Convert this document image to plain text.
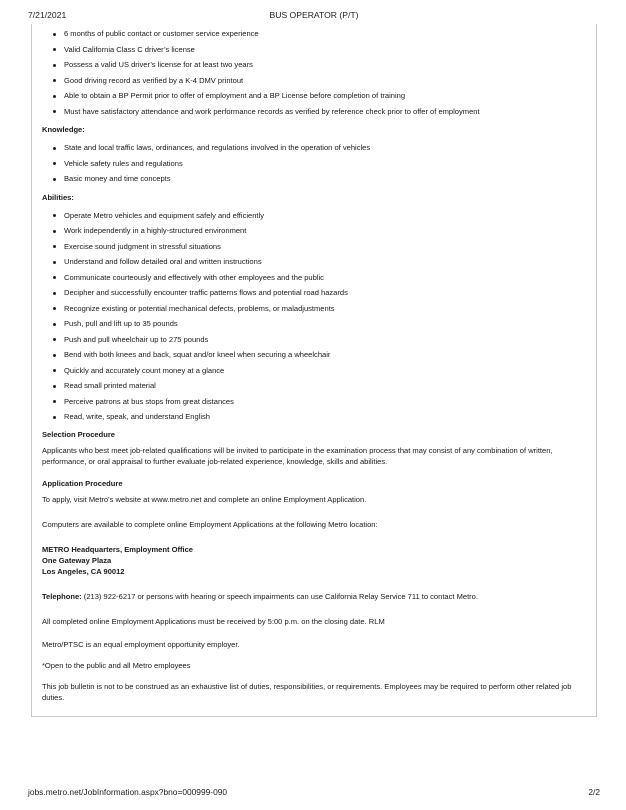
7/21/2021	BUS OPERATOR (P/T)
6 months of public contact or customer service experience
Valid California Class C driver’s license
Possess a valid US driver’s license for at least two years
Good driving record as verified by a K-4 DMV printout
Able to obtain a BP Permit prior to offer of employment and a BP License before completion of training
Must have satisfactory attendance and work performance records as verified by reference check prior to offer of employment
Knowledge:
State and local traffic laws, ordinances, and regulations involved in the operation of vehicles
Vehicle safety rules and regulations
Basic money and time concepts
Abilities:
Operate Metro vehicles and equipment safely and efficiently
Work independently in a highly-structured environment
Exercise sound judgment in stressful situations
Understand and follow detailed oral and written instructions
Communicate courteously and effectively with other employees and the public
Decipher and successfully encounter traffic patterns flows and potential road hazards
Recognize existing or potential mechanical defects, problems, or maladjustments
Push, pull and lift up to 35 pounds
Push and pull wheelchair up to 275 pounds
Bend with both knees and back, squat and/or kneel when securing a wheelchair
Quickly and accurately count money at a glance
Read small printed material
Perceive patrons at bus stops from great distances
Read, write, speak, and understand English
Selection Procedure

Applicants who best meet job-related qualifications will be invited to participate in the examination process that may consist of any combination of written, performance, or oral appraisal to further evaluate job-related experience, knowledge, skills and abilities.

Application Procedure

To apply, visit Metro's website at www.metro.net and complete an online Employment Application.

Computers are available to complete online Employment Applications at the following Metro location:

METRO Headquarters, Employment Office
One Gateway Plaza
Los Angeles, CA 90012

Telephone: (213) 922-6217 or persons with hearing or speech impairments can use California Relay Service 711 to contact Metro.

All completed online Employment Applications must be received by 5:00 p.m. on the closing date. RLM

Metro/PTSC is an equal employment opportunity employer.

*Open to the public and all Metro employees

This job bulletin is not to be construed as an exhaustive list of duties, responsibilities, or requirements. Employees may be required to perform other related job duties.

jobs.metro.net/JobInformation.aspx?bno=000999-090	2/2
